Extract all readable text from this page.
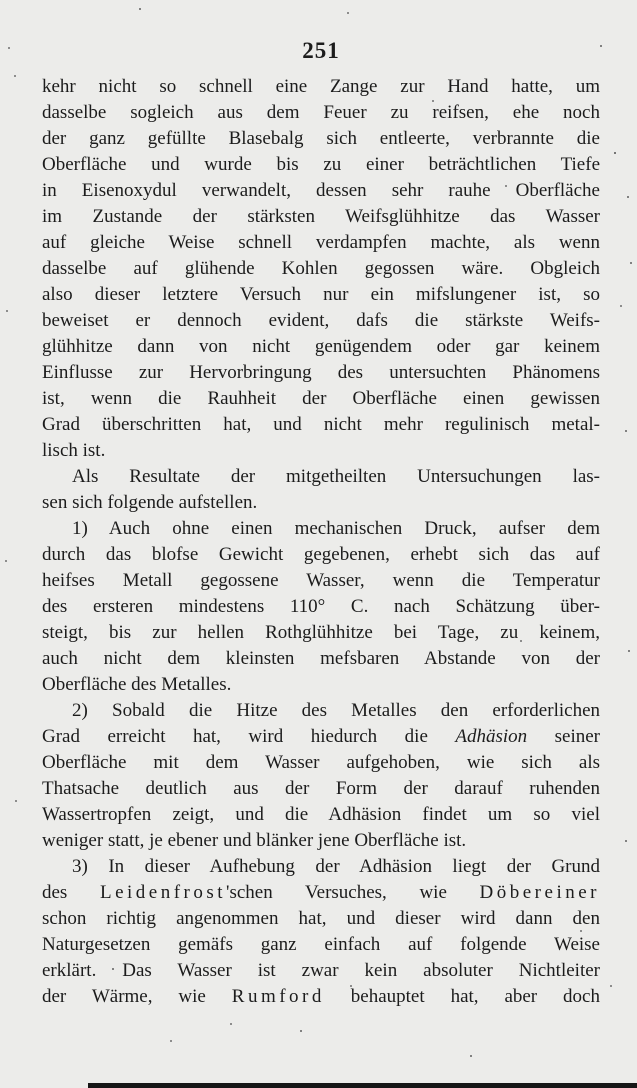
251
kehr nicht so schnell eine Zange zur Hand hatte, um
dasselbe sogleich aus dem Feuer zu reifsen, ehe noch
der ganz gefüllte Blasebalg sich entleerte, verbrannte die
Oberfläche und wurde bis zu einer beträchtlichen Tiefe
in Eisenoxydul verwandelt, dessen sehr rauhe Oberfläche
im Zustande der stärksten Weifsglühhitze das Wasser
auf gleiche Weise schnell verdampfen machte, als wenn
dasselbe auf glühende Kohlen gegossen wäre. Obgleich
also dieser letztere Versuch nur ein mifslungener ist, so
beweiset er dennoch evident, dafs die stärkste Weifs-
glühhitze dann von nicht genügendem oder gar keinem
Einflusse zur Hervorbringung des untersuchten Phänomens
ist, wenn die Rauhheit der Oberfläche einen gewissen
Grad überschritten hat, und nicht mehr regulinisch metal-
lisch ist.
Als Resultate der mitgetheilten Untersuchungen las-
sen sich folgende aufstellen.
1) Auch ohne einen mechanischen Druck, aufser dem
durch das blofse Gewicht gegebenen, erhebt sich das auf
heifses Metall gegossene Wasser, wenn die Temperatur
des ersteren mindestens 110° C. nach Schätzung über-
steigt, bis zur hellen Rothglühhitze bei Tage, zu keinem,
auch nicht dem kleinsten mefsbaren Abstande von der
Oberfläche des Metalles.
2) Sobald die Hitze des Metalles den erforderlichen
Grad erreicht hat, wird hiedurch die Adhäsion seiner
Oberfläche mit dem Wasser aufgehoben, wie sich als
Thatsache deutlich aus der Form der darauf ruhenden
Wassertropfen zeigt, und die Adhäsion findet um so viel
weniger statt, je ebener und blänker jene Oberfläche ist.
3) In dieser Aufhebung der Adhäsion liegt der Grund
des Leidenfrost'schen Versuches, wie Döbereiner
schon richtig angenommen hat, und dieser wird dann den
Naturgesetzen gemäfs ganz einfach auf folgende Weise
erklärt. Das Wasser ist zwar kein absoluter Nichtleiter
der Wärme, wie Rumford behauptet hat, aber doch
